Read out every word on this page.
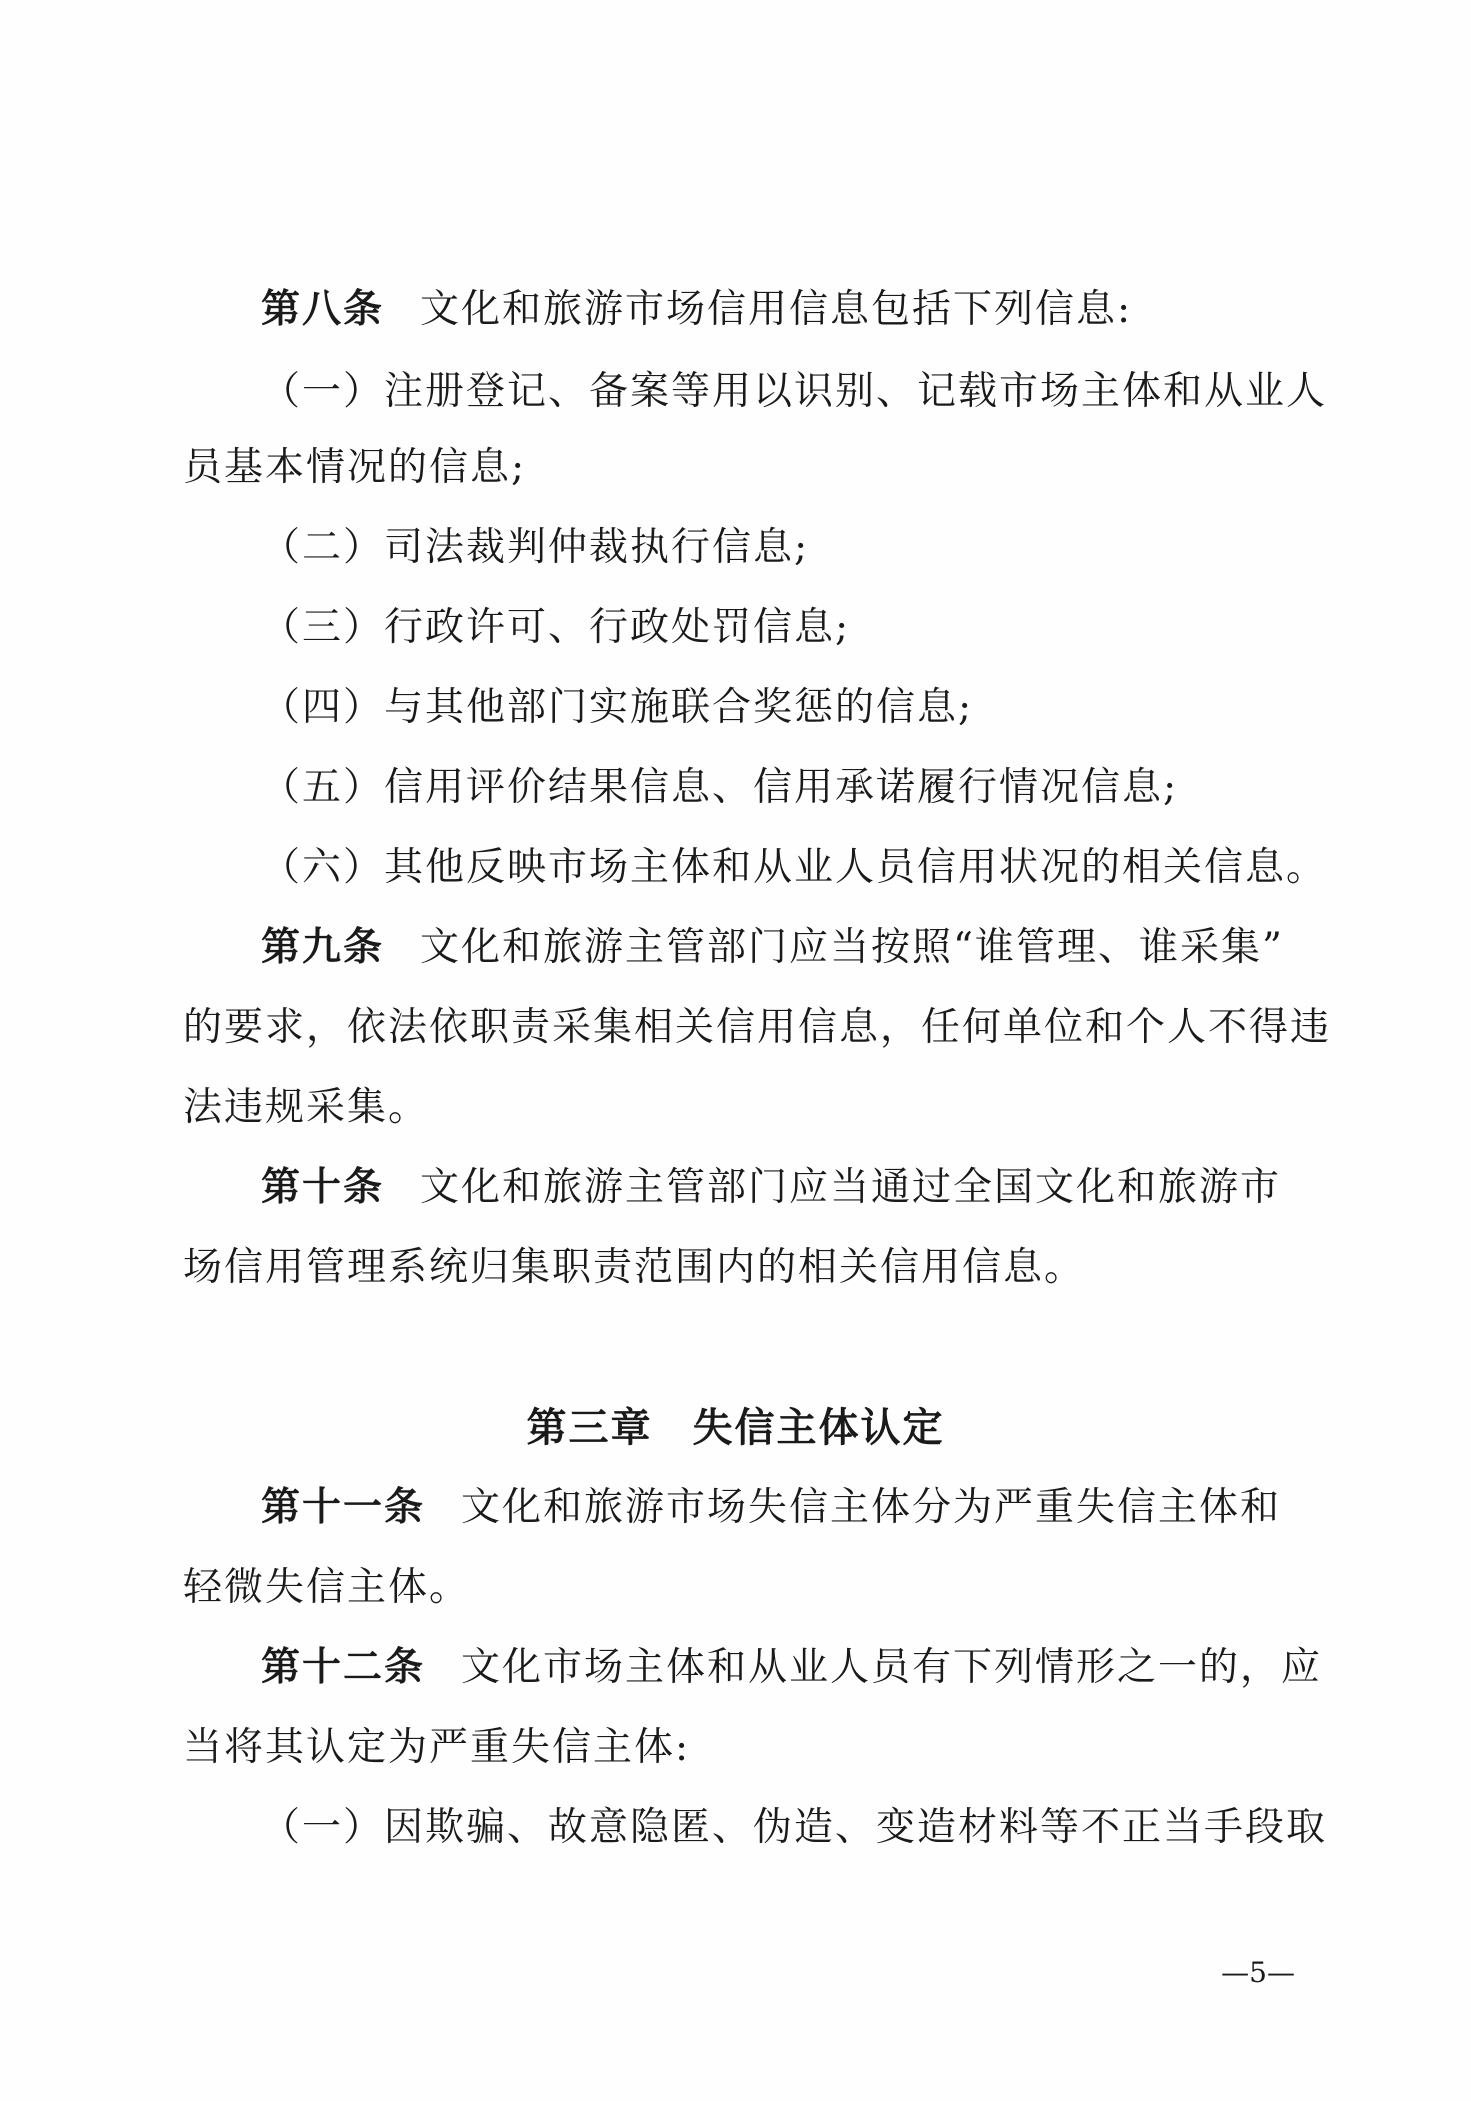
第八条 文化和旅游市场信用信息包括下列信息:
（一）注册登记、备案等用以识别、记载市场主体和从业人
员基本情况的信息;
（二）司法裁判仲裁执行信息;
（三）行政许可、行政处罚信息;
（四）与其他部门实施联合奖惩的信息;
（五）信用评价结果信息、信用承诺履行情况信息;
（六）其他反映市场主体和从业人员信用状况的相关信息。
第九条 文化和旅游主管部门应当按照“谁管理、谁采集”
的要求，依法依职责采集相关信用信息，任何单位和个人不得违
法违规采集。
第十条 文化和旅游主管部门应当通过全国文化和旅游市
场信用管理系统归集职责范围内的相关信用信息。
第三章 失信主体认定
第十一条 文化和旅游市场失信主体分为严重失信主体和
轻微失信主体。
第十二条 文化市场主体和从业人员有下列情形之一的，应
当将其认定为严重失信主体:
（一）因欺骗、故意隐匿、伪造、变造材料等不正当手段取
—5—
